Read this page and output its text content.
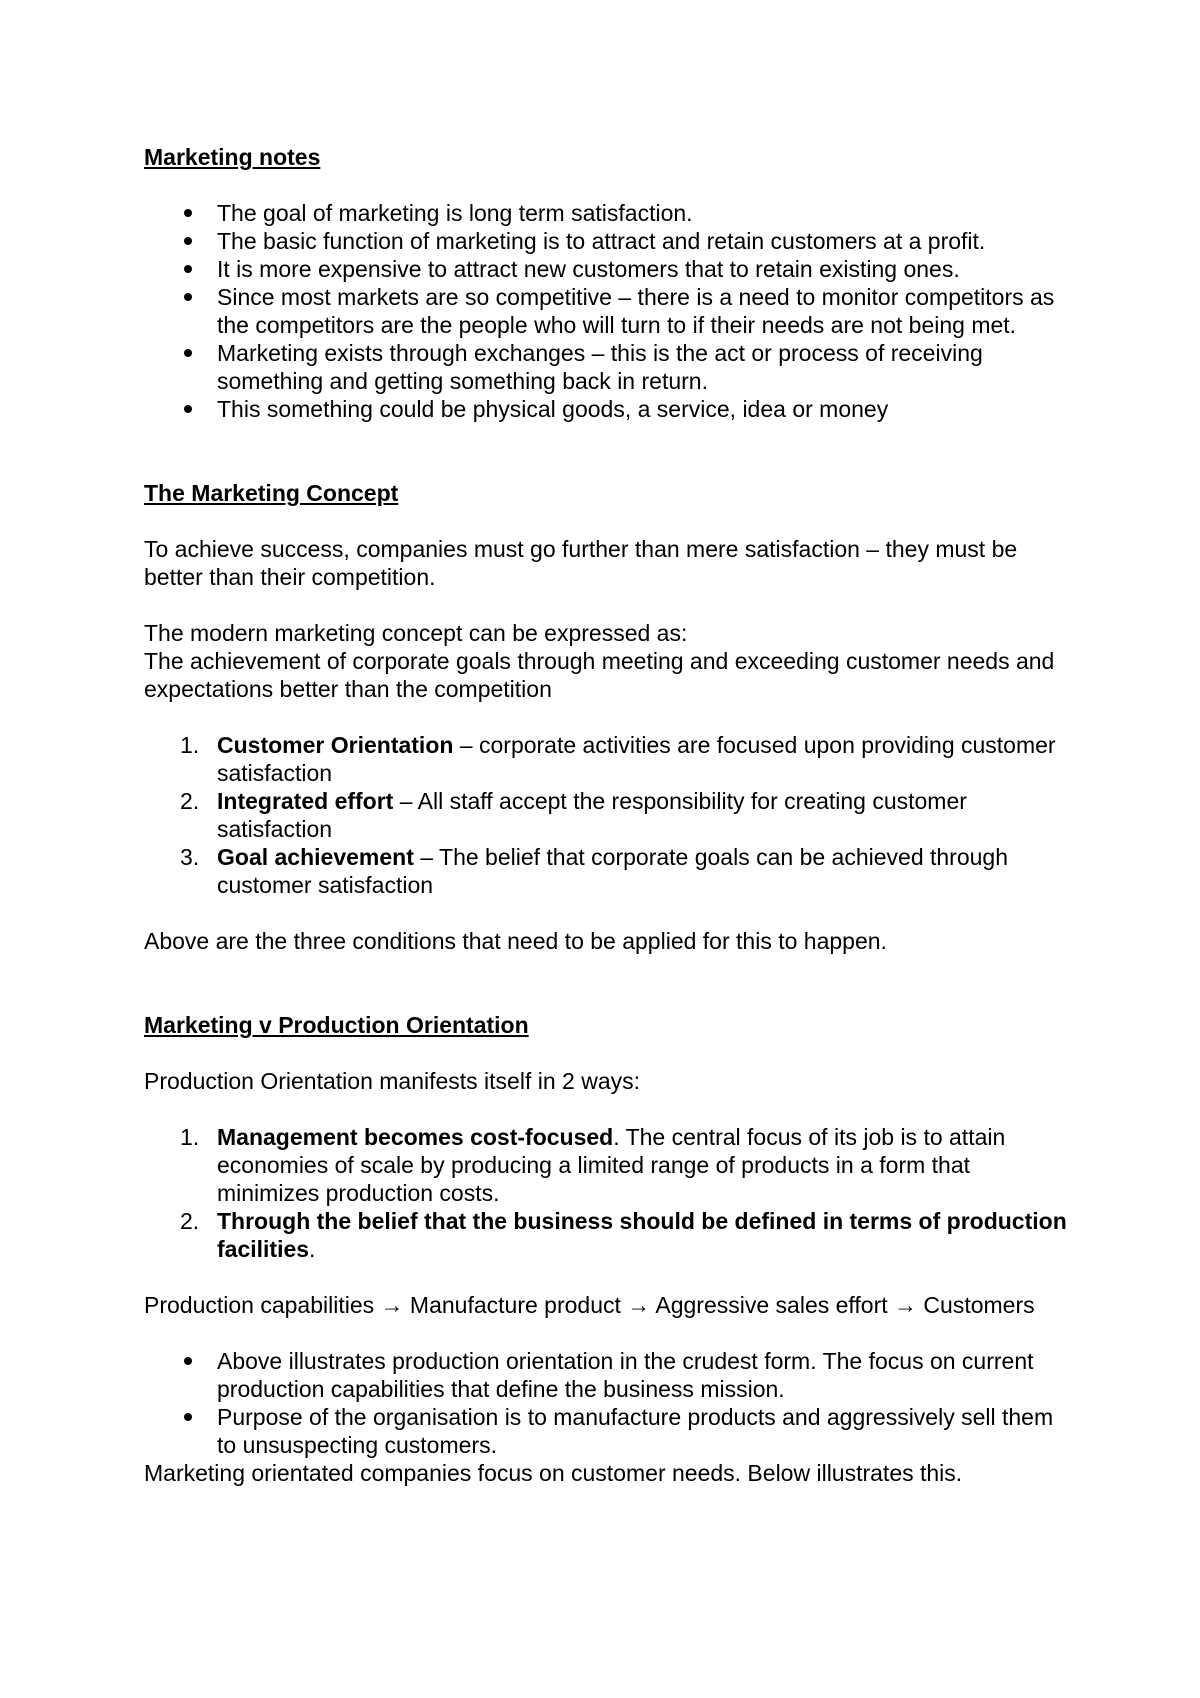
Marketing notes
The goal of marketing is long term satisfaction.
The basic function of marketing is to attract and retain customers at a profit.
It is more expensive to attract new customers that to retain existing ones.
Since most markets are so competitive – there is a need to monitor competitors as the competitors are the people who will turn to if their needs are not being met.
Marketing exists through exchanges – this is the act or process of receiving something and getting something back in return.
This something could be physical goods, a service, idea or money
The Marketing Concept

To achieve success, companies must go further than mere satisfaction – they must be better than their competition.

The modern marketing concept can be expressed as:

The achievement of corporate goals through meeting and exceeding customer needs and expectations better than the competition

1. Customer Orientation – corporate activities are focused upon providing customer satisfaction
2. Integrated effort – All staff accept the responsibility for creating customer satisfaction
3. Goal achievement – The belief that corporate goals can be achieved through customer satisfaction

Above are the three conditions that need to be applied for this to happen.

Marketing v Production Orientation

Production Orientation manifests itself in 2 ways:

1. Management becomes cost-focused. The central focus of its job is to attain economies of scale by producing a limited range of products in a form that minimizes production costs.
2. Through the belief that the business should be defined in terms of production facilities.

Production capabilities → Manufacture product → Aggressive sales effort → Customers

Above illustrates production orientation in the crudest form. The focus on current production capabilities that define the business mission.
Purpose of the organisation is to manufacture products and aggressively sell them to unsuspecting customers.

Marketing orientated companies focus on customer needs. Below illustrates this.
